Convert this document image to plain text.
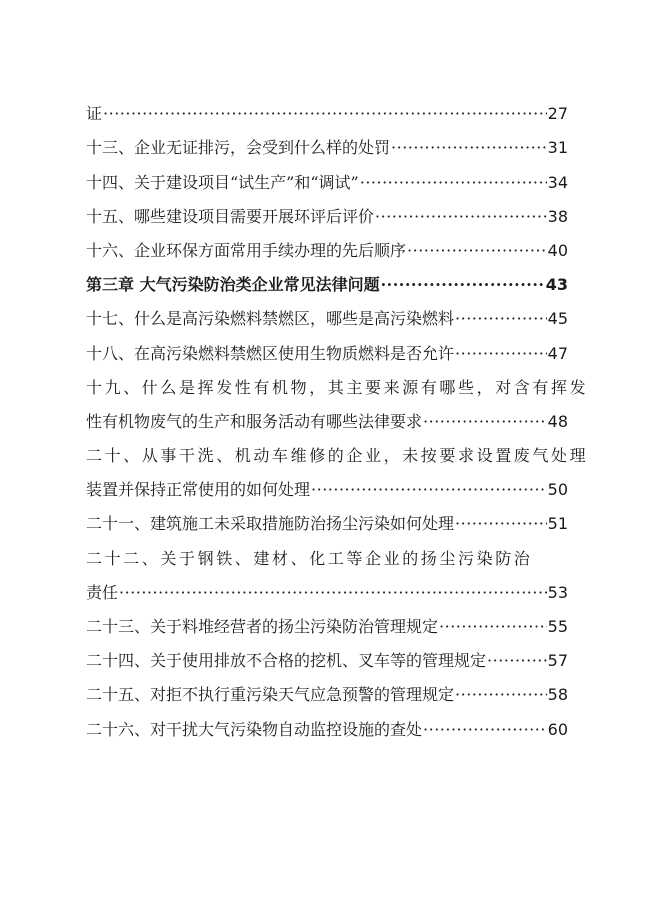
证 ·····	27
十三、企业无证排污，会受到什么样的处罚 ·····	31
十四、关于建设项目“试生产”和“调试” ·····	34
十五、哪些建设项目需要开展环评后评价 ·····	38
十六、企业环保方面常用手续办理的先后顺序 ·····	40
第三章 大气污染防治类企业常见法律问题 ·····	43
十七、什么是高污染燃料禁燃区，哪些是高污染燃料 ·····	45
十八、在高污染燃料禁燃区使用生物质燃料是否允许 ·····	47
十九、什么是挥发性有机物，其主要来源有哪些，对含有挥发
性有机物废气的生产和服务活动有哪些法律要求 ·····	48
二十、从事干洗、机动车维修的企业，未按要求设置废气处理
装置并保持正常使用的如何处理 ·····	50
二十一、建筑施工未采取措施防治扬尘污染如何处理 ·····	51
二十二、关于钢铁、建材、化工等企业的扬尘污染防治
责任 ·····	53
二十三、关于料堆经营者的扬尘污染防治管理规定 ·····	55
二十四、关于使用排放不合格的挖机、叉车等的管理规定 ·····	57
二十五、对拒不执行重污染天气应急预警的管理规定 ·····	58
二十六、对干扰大气污染物自动监控设施的查处 ·····	60
